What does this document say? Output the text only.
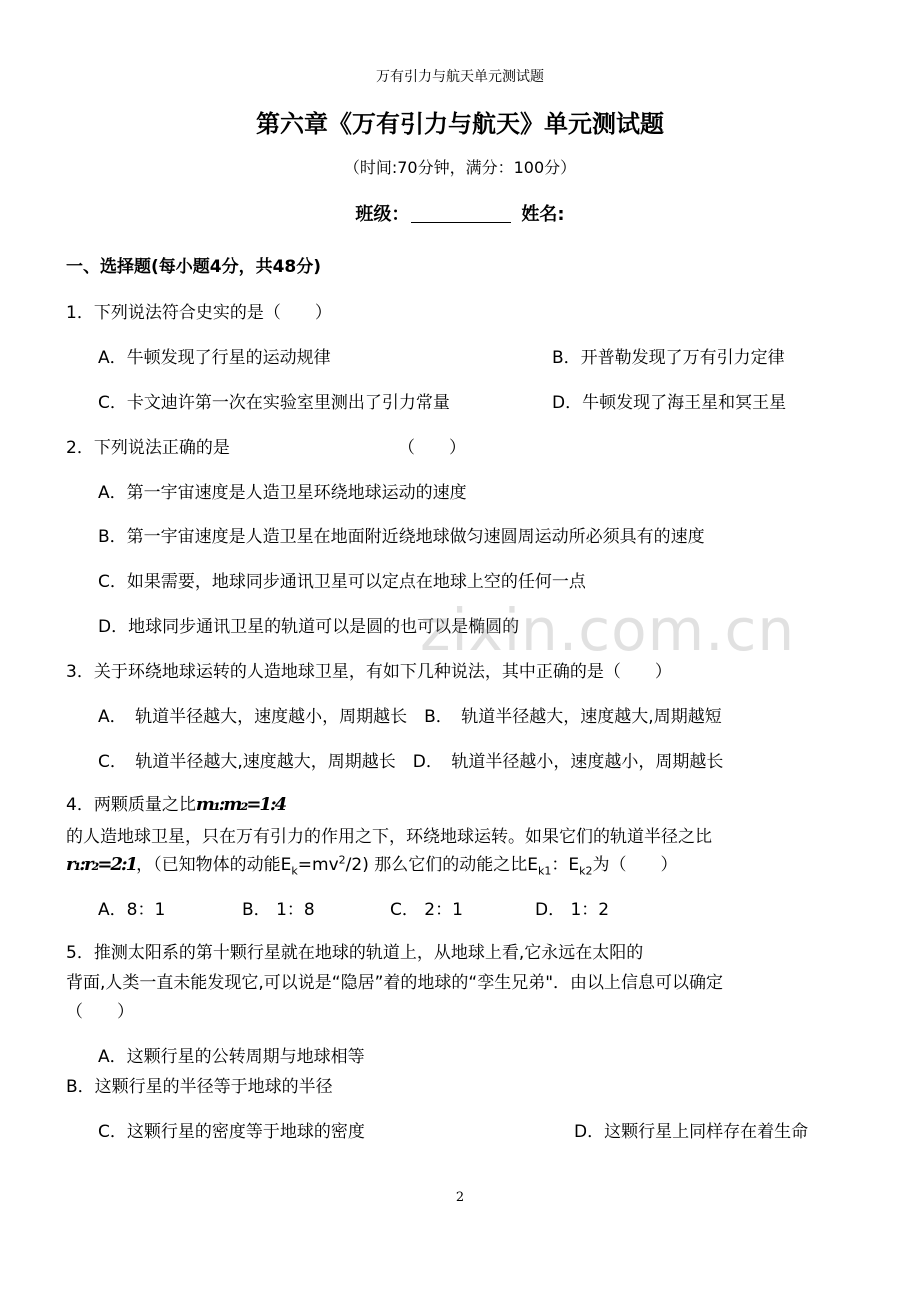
万有引力与航天单元测试题
第六章《万有引力与航天》单元测试题
（时间:70分钟，满分：100分）
班级：	姓名:
一、选择题(每小题4分，共48分)
1．下列说法符合史实的是（　　）
A．牛顿发现了行星的运动规律	B．开普勒发现了万有引力定律
C．卡文迪许第一次在实验室里测出了引力常量	D．牛顿发现了海王星和冥王星
2．下列说法正确的是	（　　）
A．第一宇宙速度是人造卫星环绕地球运动的速度
B．第一宇宙速度是人造卫星在地面附近绕地球做匀速圆周运动所必须具有的速度
C．如果需要，地球同步通讯卫星可以定点在地球上空的任何一点
D．地球同步通讯卫星的轨道可以是圆的也可以是椭圆的
zixin.com.cn
3．关于环绕地球运转的人造地球卫星，有如下几种说法，其中正确的是（　　）
A．　轨道半径越大，速度越小，周期越长　B．　轨道半径越大，速度越大,周期越短
C．　轨道半径越大,速度越大，周期越长　D．　轨道半径越小，速度越小，周期越长
4．两颗质量之比m₁:m₂=1:4
的人造地球卫星，只在万有引力的作用之下，环绕地球运转。如果它们的轨道半径之比
r₁:r₂=2:1，（已知物体的动能$E_k=mv^2/2$) 那么它们的动能之比$E_{k1}$：$E_{k2}$为（　　）
A．8：1	B． 1：8	C． 2：1	D． 1：2
5．推测太阳系的第十颗行星就在地球的轨道上，从地球上看,它永远在太阳的
背面,人类一直未能发现它,可以说是“隐居”着的地球的“孪生兄弟"．由以上信息可以确定
（　　）
A．这颗行星的公转周期与地球相等
B．这颗行星的半径等于地球的半径
C．这颗行星的密度等于地球的密度	D．这颗行星上同样存在着生命
2
